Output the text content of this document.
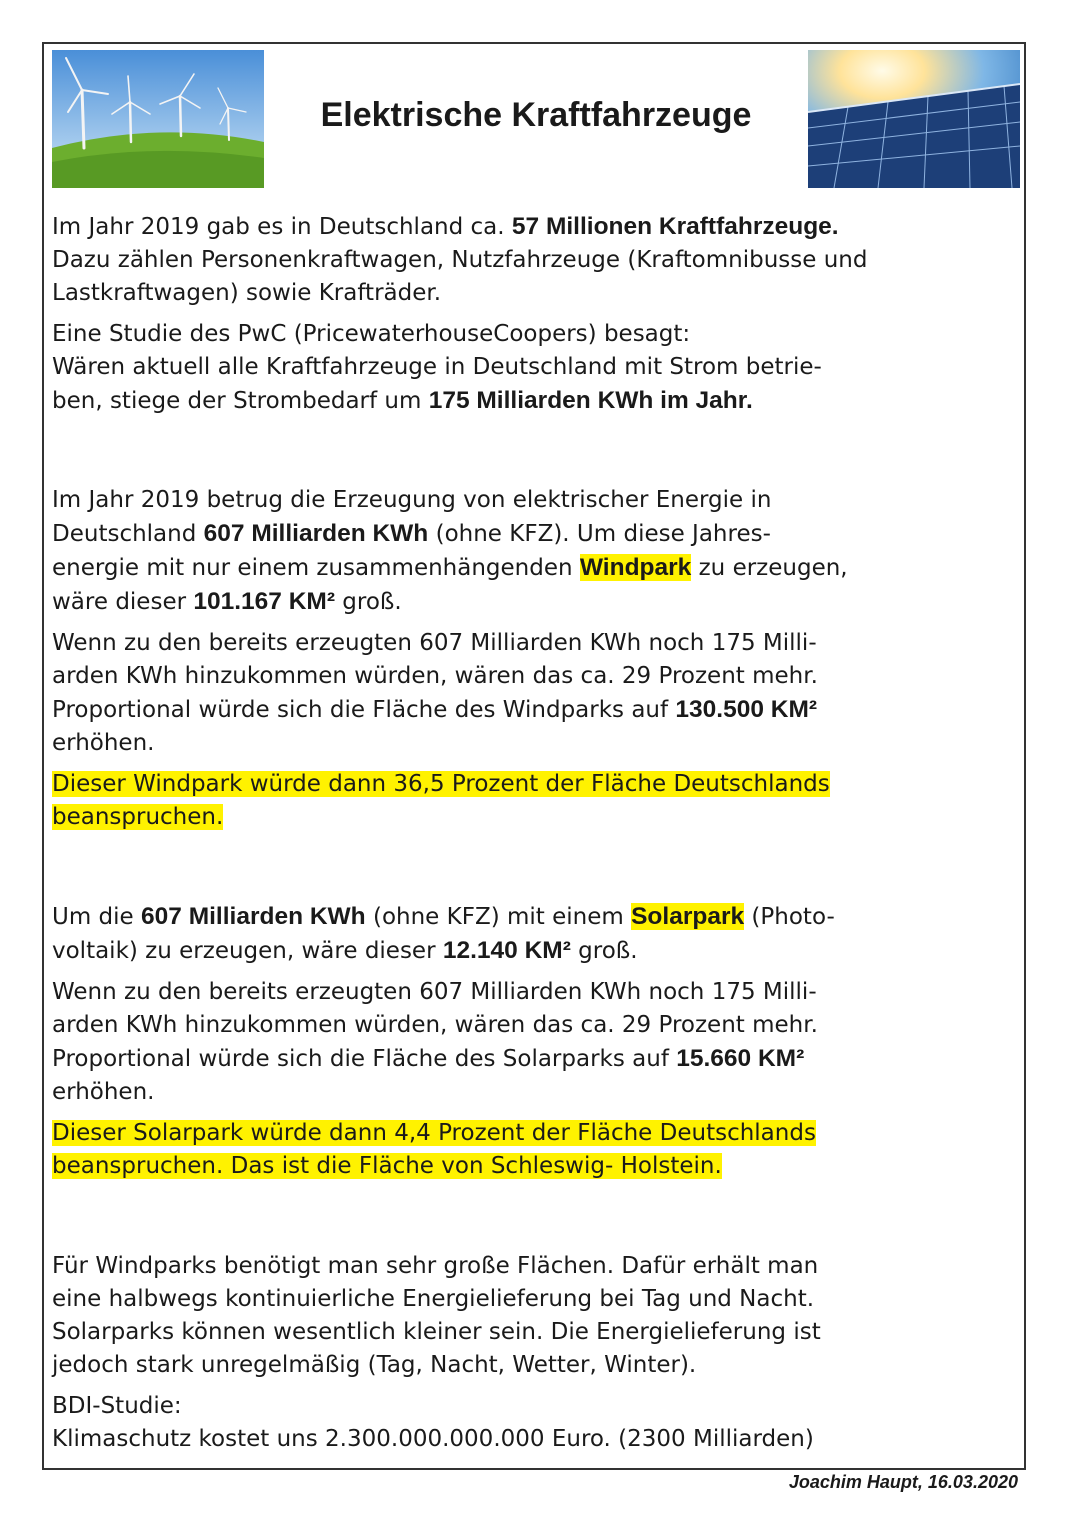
Elektrische Kraftfahrzeuge

Im Jahr 2019 gab es in Deutschland ca. 57 Millionen Kraftfahrzeuge.
Dazu zählen Personenkraftwagen, Nutzfahrzeuge (Kraftomnibusse und Lastkraftwagen) sowie Krafträder.

Eine Studie des PwC (PricewaterhouseCoopers) besagt:
Wären aktuell alle Kraftfahrzeuge in Deutschland mit Strom betrie-
ben, stiege der Strombedarf um 175 Milliarden KWh im Jahr.

Im Jahr 2019 betrug die Erzeugung von elektrischer Energie in
Deutschland 607 Milliarden KWh (ohne KFZ). Um diese Jahres-
energie mit nur einem zusammenhängenden Windpark zu erzeugen,
wäre dieser 101.167 KM² groß.

Wenn zu den bereits erzeugten 607 Milliarden KWh noch 175 Milli-
arden KWh hinzukommen würden, wären das ca. 29 Prozent mehr.
Proportional würde sich die Fläche des Windparks auf 130.500 KM²
erhöhen.

Dieser Windpark würde dann 36,5 Prozent der Fläche Deutschlands
beanspruchen.

Um die 607 Milliarden KWh (ohne KFZ) mit einem Solarpark (Photo-
voltaik) zu erzeugen, wäre dieser 12.140 KM² groß.

Wenn zu den bereits erzeugten 607 Milliarden KWh noch 175 Milli-
arden KWh hinzukommen würden, wären das ca. 29 Prozent mehr.
Proportional würde sich die Fläche des Solarparks auf 15.660 KM²
erhöhen.

Dieser Solarpark würde dann 4,4 Prozent der Fläche Deutschlands
beanspruchen. Das ist die Fläche von Schleswig- Holstein.

Für Windparks benötigt man sehr große Flächen. Dafür erhält man
eine halbwegs kontinuierliche Energielieferung bei Tag und Nacht.
Solarparks können wesentlich kleiner sein. Die Energielieferung ist
jedoch stark unregelmäßig (Tag, Nacht, Wetter, Winter).

BDI-Studie:
Klimaschutz kostet uns 2.300.000.000.000 Euro. (2300 Milliarden)

Joachim Haupt, 16.03.2020
